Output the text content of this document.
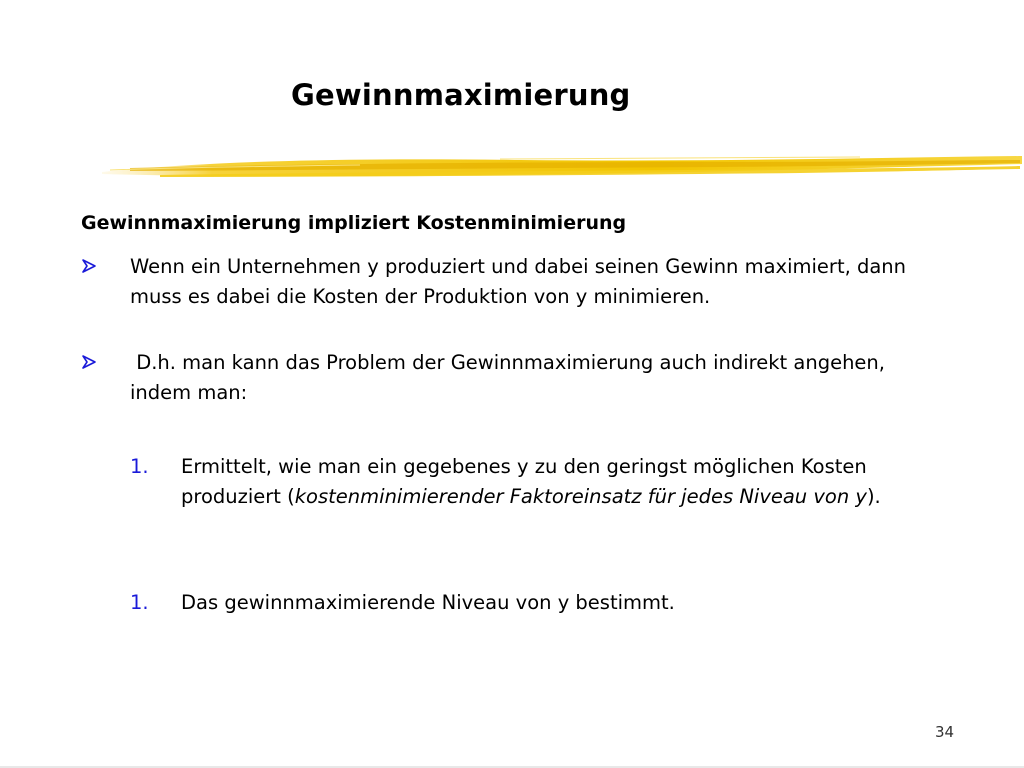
Gewinnmaximierung
Gewinnmaximierung impliziert Kostenminimierung
Wenn ein Unternehmen y produziert und dabei seinen Gewinn maximiert, dann muss es dabei die Kosten der Produktion von y minimieren.
D.h. man kann das Problem der Gewinnmaximierung auch indirekt angehen, indem man:
1. Ermittelt, wie man ein gegebenes y zu den geringst möglichen Kosten produziert (kostenminimierender Faktoreinsatz für jedes Niveau von y).
1. Das gewinnmaximierende Niveau von y bestimmt.
34
